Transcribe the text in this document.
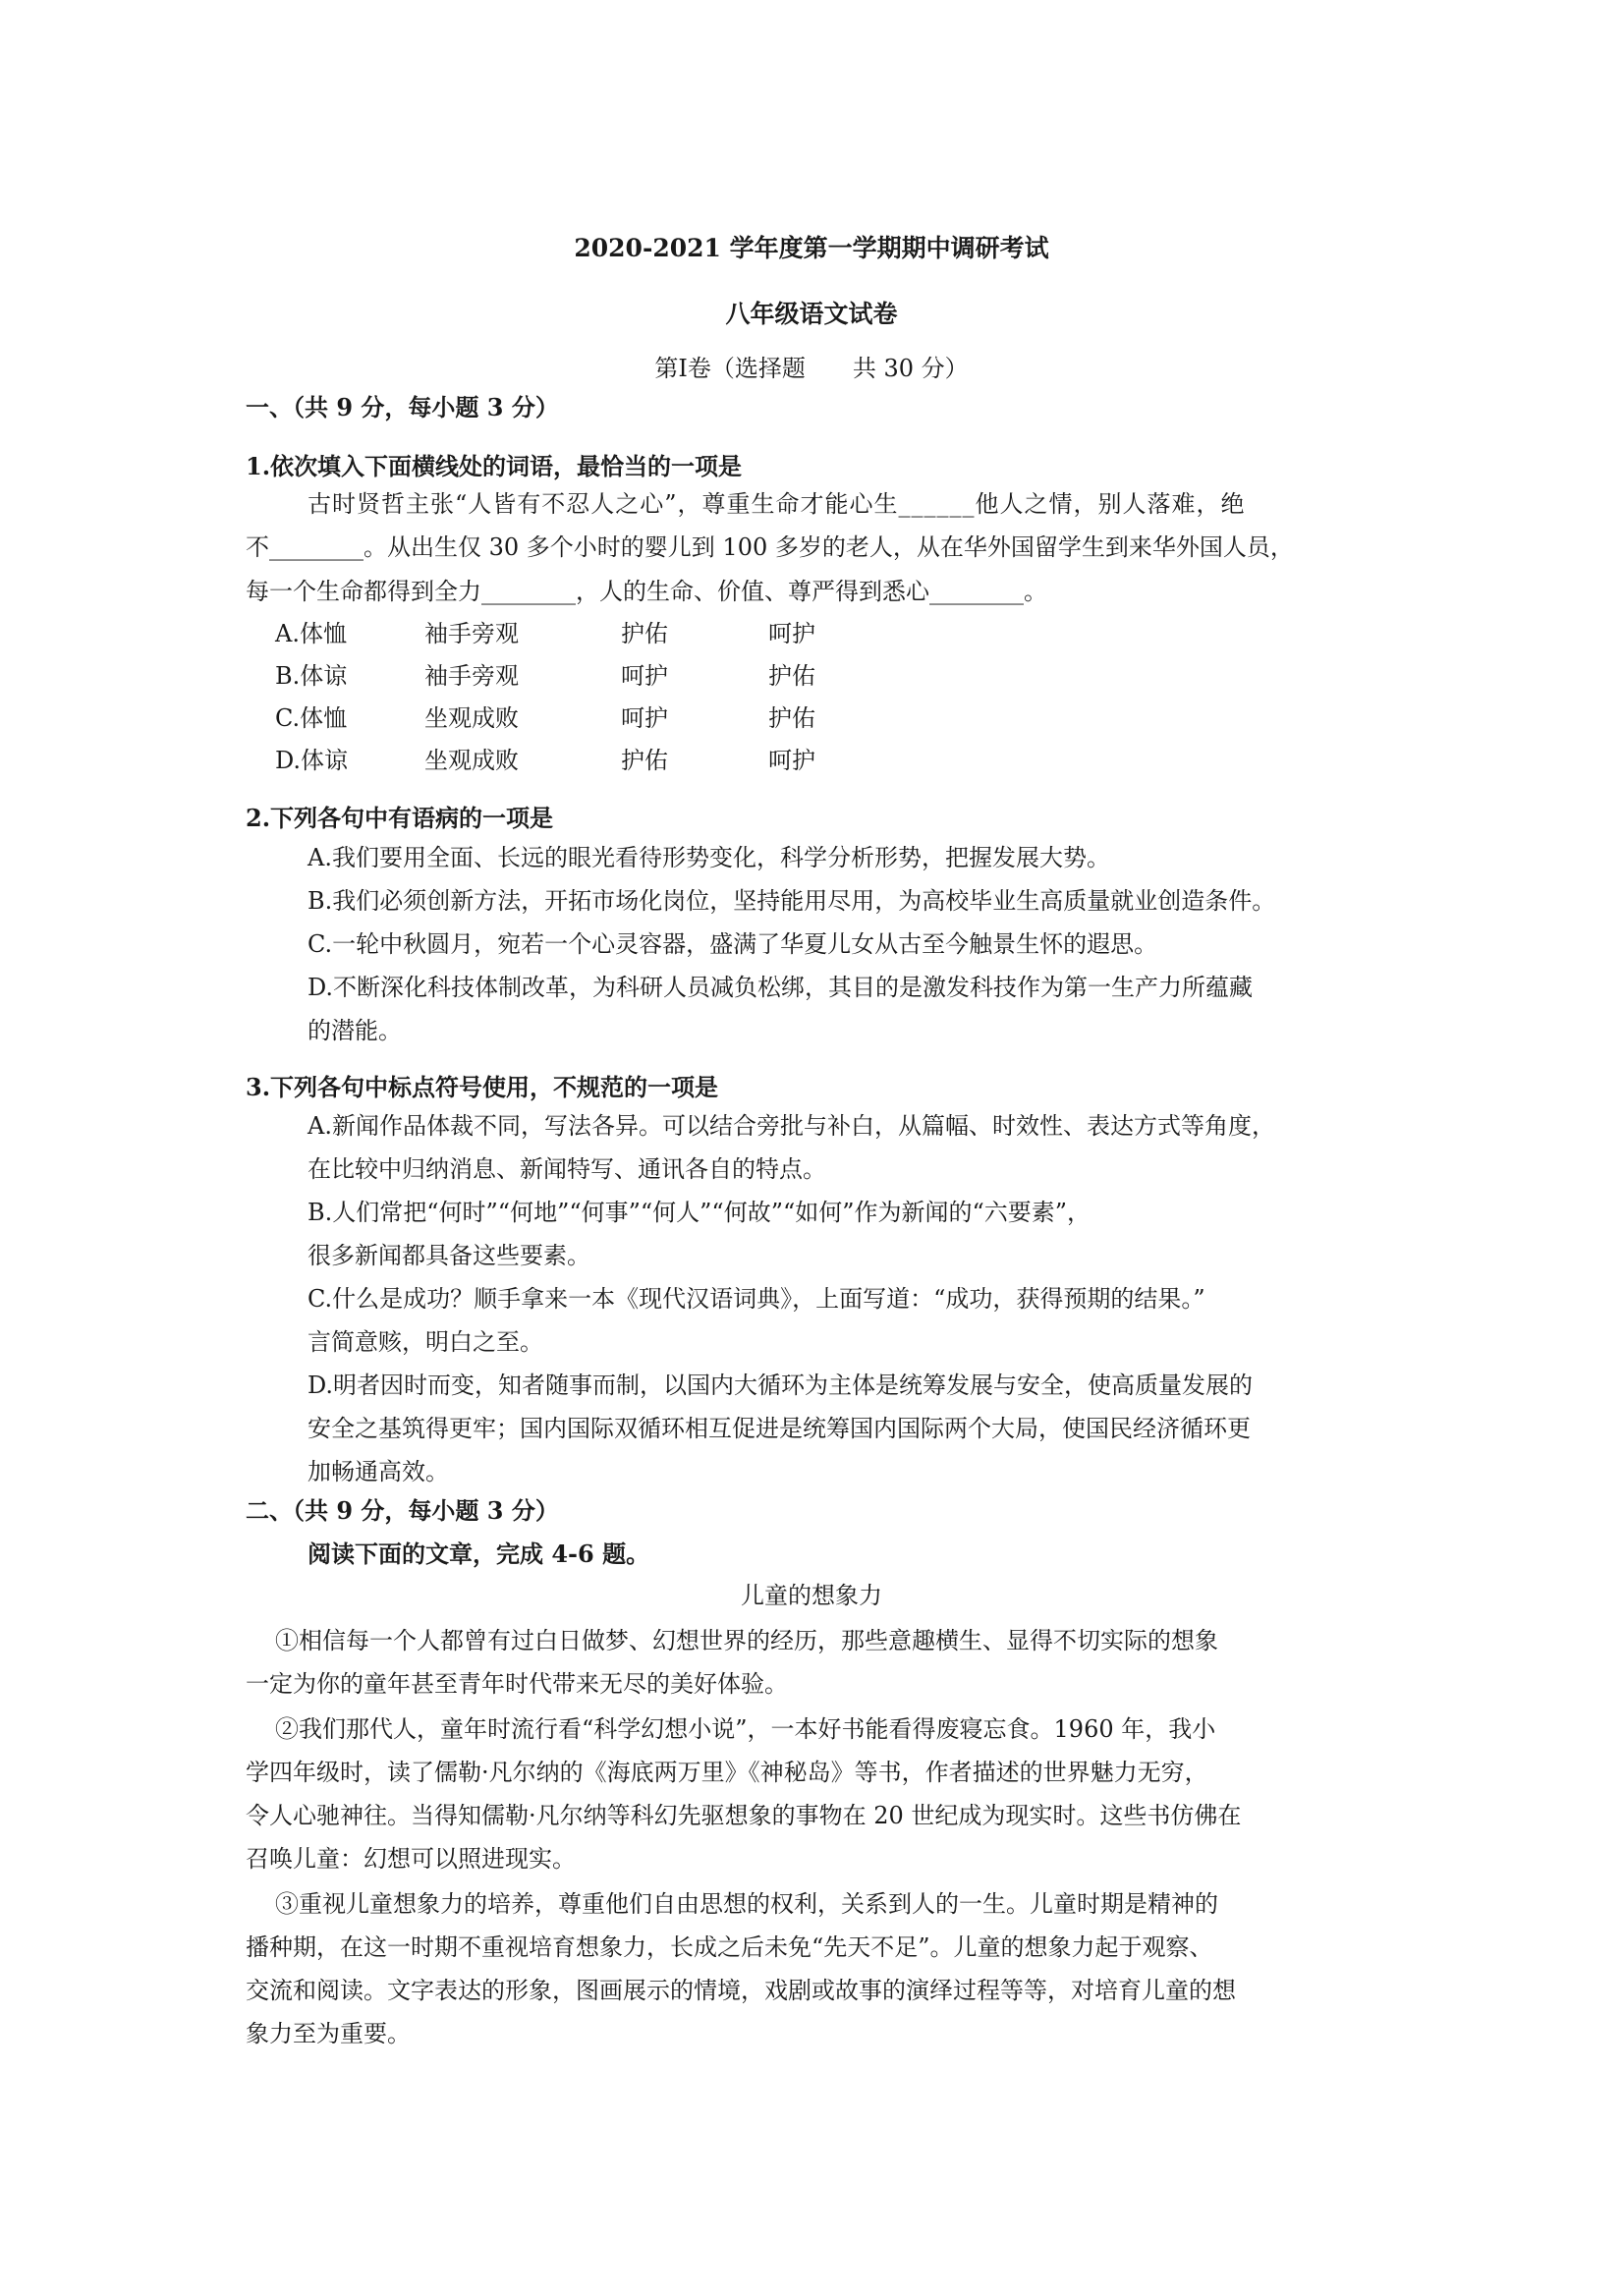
2020-2021 学年度第一学期期中调研考试
八年级语文试卷
第Ⅰ卷（选择题　　共 30 分）
一、（共 9 分，每小题 3 分）
1.依次填入下面横线处的词语，最恰当的一项是
古时贤哲主张“人皆有不忍人之心”，尊重生命才能心生______他人之情，别人落难，绝
不________。从出生仅 30 多个小时的婴儿到 100 多岁的老人，从在华外国留学生到来华外国人员，
每一个生命都得到全力________，人的生命、价值、尊严得到悉心________。
A.体恤	袖手旁观	护佑	呵护
B.体谅	袖手旁观	呵护	护佑
C.体恤	坐观成败	呵护	护佑
D.体谅	坐观成败	护佑	呵护
2.下列各句中有语病的一项是
A.我们要用全面、长远的眼光看待形势变化，科学分析形势，把握发展大势。
B.我们必须创新方法，开拓市场化岗位，坚持能用尽用，为高校毕业生高质量就业创造条件。
C.一轮中秋圆月，宛若一个心灵容器，盛满了华夏儿女从古至今触景生怀的遐思。
D.不断深化科技体制改革，为科研人员减负松绑，其目的是激发科技作为第一生产力所蕴藏
的潜能。
3.下列各句中标点符号使用，不规范的一项是
A.新闻作品体裁不同，写法各异。可以结合旁批与补白，从篇幅、时效性、表达方式等角度，
在比较中归纳消息、新闻特写、通讯各自的特点。
B.人们常把“何时”“何地”“何事”“何人”“何故”“如何”作为新闻的“六要素”，
很多新闻都具备这些要素。
C.什么是成功？顺手拿来一本《现代汉语词典》，上面写道：“成功，获得预期的结果。”
言简意赅，明白之至。
D.明者因时而变，知者随事而制，以国内大循环为主体是统筹发展与安全，使高质量发展的
安全之基筑得更牢；国内国际双循环相互促进是统筹国内国际两个大局，使国民经济循环更
加畅通高效。
二、（共 9 分，每小题 3 分）
阅读下面的文章，完成 4-6 题。
儿童的想象力
①相信每一个人都曾有过白日做梦、幻想世界的经历，那些意趣横生、显得不切实际的想象
一定为你的童年甚至青年时代带来无尽的美好体验。
②我们那代人，童年时流行看“科学幻想小说”，一本好书能看得废寝忘食。1960 年，我小
学四年级时，读了儒勒·凡尔纳的《海底两万里》《神秘岛》等书，作者描述的世界魅力无穷，
令人心驰神往。当得知儒勒·凡尔纳等科幻先驱想象的事物在 20 世纪成为现实时。这些书仿佛在
召唤儿童：幻想可以照进现实。
③重视儿童想象力的培养，尊重他们自由思想的权利，关系到人的一生。儿童时期是精神的
播种期，在这一时期不重视培育想象力，长成之后未免“先天不足”。儿童的想象力起于观察、
交流和阅读。文字表达的形象，图画展示的情境，戏剧或故事的演绎过程等等，对培育儿童的想
象力至为重要。
